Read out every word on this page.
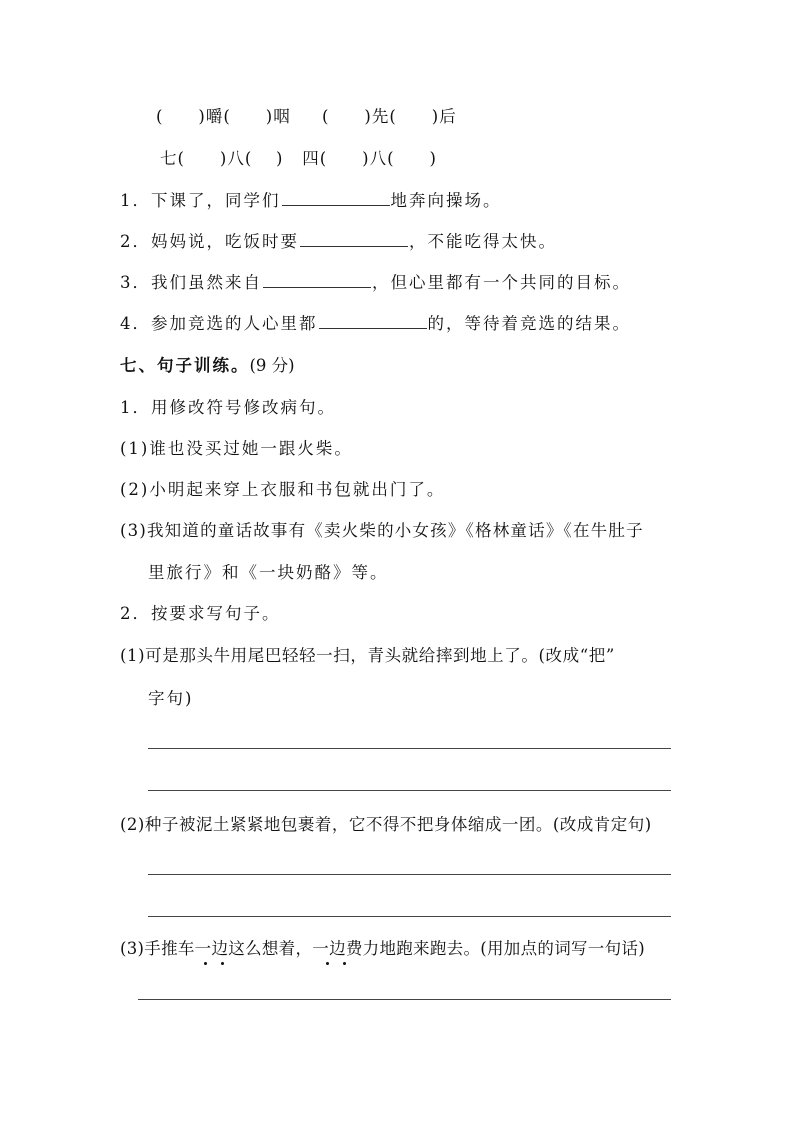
(  )嚼(  )咽 (  )先(  )后
七(  )八(  ) 四(  )八(  )
1．下课了，同学们	地奔向操场。
2．妈妈说，吃饭时要	，不能吃得太快。
3．我们虽然来自	，但心里都有一个共同的目标。
4．参加竞选的人心里都	的，等待着竞选的结果。
七、句子训练。(9 分)
1．用修改符号修改病句。
(1)谁也没买过她一跟火柴。
(2)小明起来穿上衣服和书包就出门了。
(3)我知道的童话故事有《卖火柴的小女孩》《格林童话》《在牛肚子
里旅行》和《一块奶酪》等。
2．按要求写句子。
(1)可是那头牛用尾巴轻轻一扫，青头就给摔到地上了。(改成“把”
字句)
(2)种子被泥土紧紧地包裹着，它不得不把身体缩成一团。(改成肯定句)
(3)手推车一边这么想着，一边费力地跑来跑去。(用加点的词写一句话)
